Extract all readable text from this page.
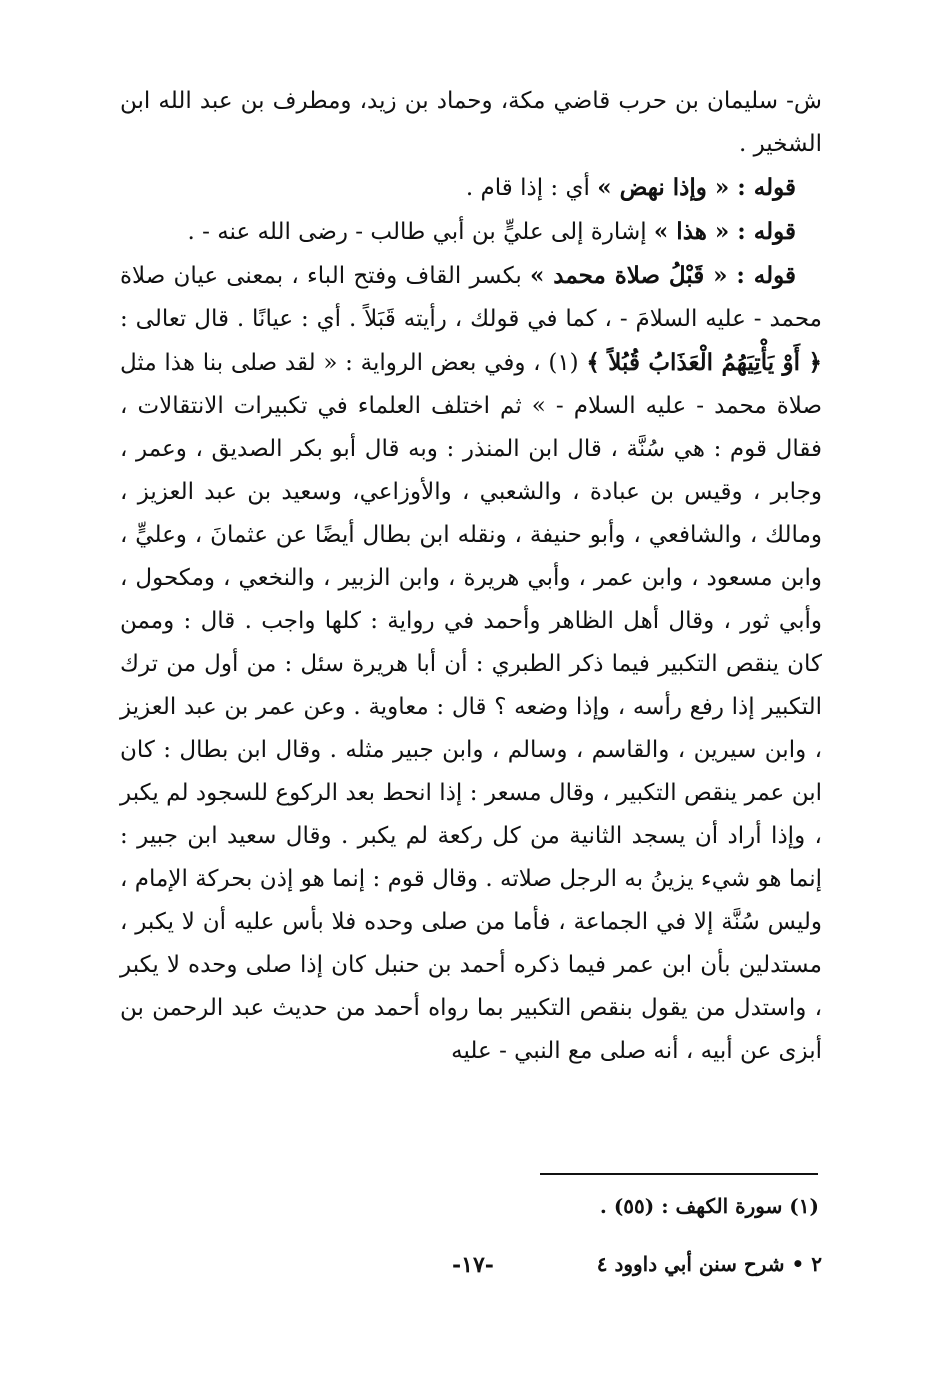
ش- سليمان بن حرب قاضي مكة، وحماد بن زيد، ومطرف بن عبد الله ابن الشخير .

قوله : « وإذا نهض » أي : إذا قام .

قوله : « هذا » إشارة إلى عليٍّ بن أبي طالب - رضى الله عنه - .

قوله : « قَبْلُ صلاة محمد » بكسر القاف وفتح الباء ، بمعنى عيان صلاة محمد - عليه السلامَ - ، كما في قولك ، رأيته قَبَلاً . أي : عيانًا . قال تعالى : ﴿ أَوْ يَأْتِيَهُمُ الْعَذَابُ قُبُلاً ﴾ (١) ، وفي بعض الرواية : « لقد صلى بنا هذا مثل صلاة محمد - عليه السلام - » ثم اختلف العلماء في تكبيرات الانتقالات ، فقال قوم : هي سُنَّة ، قال ابن المنذر : وبه قال أبو بكر الصديق ، وعمر ، وجابر ، وقيس بن عبادة ، والشعبي ، والأوزاعي، وسعيد بن عبد العزيز ، ومالك ، والشافعي ، وأبو حنيفة ، ونقله ابن بطال أيضًا عن عثمانَ ، وعليٍّ ، وابن مسعود ، وابن عمر ، وأبي هريرة ، وابن الزبير ، والنخعي ، ومكحول ، وأبي ثور ، وقال أهل الظاهر وأحمد في رواية : كلها واجب . قال : وممن كان ينقص التكبير فيما ذكر الطبري : أن أبا هريرة سئل : من أول من ترك التكبير إذا رفع رأسه ، وإذا وضعه ؟ قال : معاوية . وعن عمر بن عبد العزيز ، وابن سيرين ، والقاسم ، وسالم ، وابن جبير مثله . وقال ابن بطال : كان ابن عمر ينقص التكبير ، وقال مسعر : إذا انحط بعد الركوع للسجود لم يكبر ، وإذا أراد أن يسجد الثانية من كل ركعة لم يكبر . وقال سعيد ابن جبير : إنما هو شيء يزينُ به الرجل صلاته . وقال قوم : إنما هو إذن بحركة الإمام ، وليس سُنَّة إلا في الجماعة ، فأما من صلى وحده فلا بأس عليه أن لا يكبر ، مستدلين بأن ابن عمر فيما ذكره أحمد بن حنبل كان إذا صلى وحده لا يكبر ، واستدل من يقول بنقص التكبير بما رواه أحمد من حديث عبد الرحمن بن أبزى عن أبيه ، أنه صلى مع النبي - عليه

(١) سورة الكهف : (٥٥) .
٢ • شرح سنن أبي داوود ٤
-١٧-
